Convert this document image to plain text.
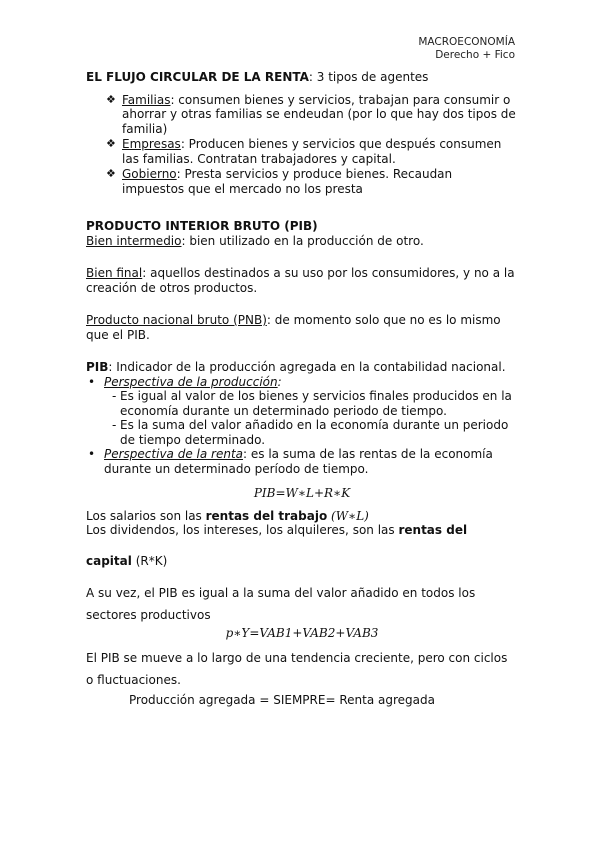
MACROECONOMÍA
Derecho + Fico

EL FLUJO CIRCULAR DE LA RENTA: 3 tipos de agentes

❖ Familias: consumen bienes y servicios, trabajan para consumir o ahorrar y otras familias se endeudan (por lo que hay dos tipos de familia)
❖ Empresas: Producen bienes y servicios que después consumen las familias. Contratan trabajadores y capital.
❖ Gobierno: Presta servicios y produce bienes. Recaudan impuestos que el mercado no los presta

PRODUCTO INTERIOR BRUTO (PIB)

Bien intermedio: bien utilizado en la producción de otro.

Bien final: aquellos destinados a su uso por los consumidores, y no a la creación de otros productos.

Producto nacional bruto (PNB): de momento solo que no es lo mismo que el PIB.

PIB: Indicador de la producción agregada en la contabilidad nacional.

• Perspectiva de la producción:
- Es igual al valor de los bienes y servicios finales producidos en la economía durante un determinado periodo de tiempo.
- Es la suma del valor añadido en la economía durante un periodo de tiempo determinado.
• Perspectiva de la renta: es la suma de las rentas de la economía durante un determinado período de tiempo.
PIB=W∗L+R∗K

Los salarios son las rentas del trabajo (W∗L)

Los dividendos, los intereses, los alquileres, son las rentas del

capital (R*K)

A su vez, el PIB es igual a la suma del valor añadido en todos los sectores productivos

p∗Y=VAB1+VAB2+VAB3

El PIB se mueve a lo largo de una tendencia creciente, pero con ciclos o fluctuaciones.

Producción agregada = SIEMPRE= Renta agregada
